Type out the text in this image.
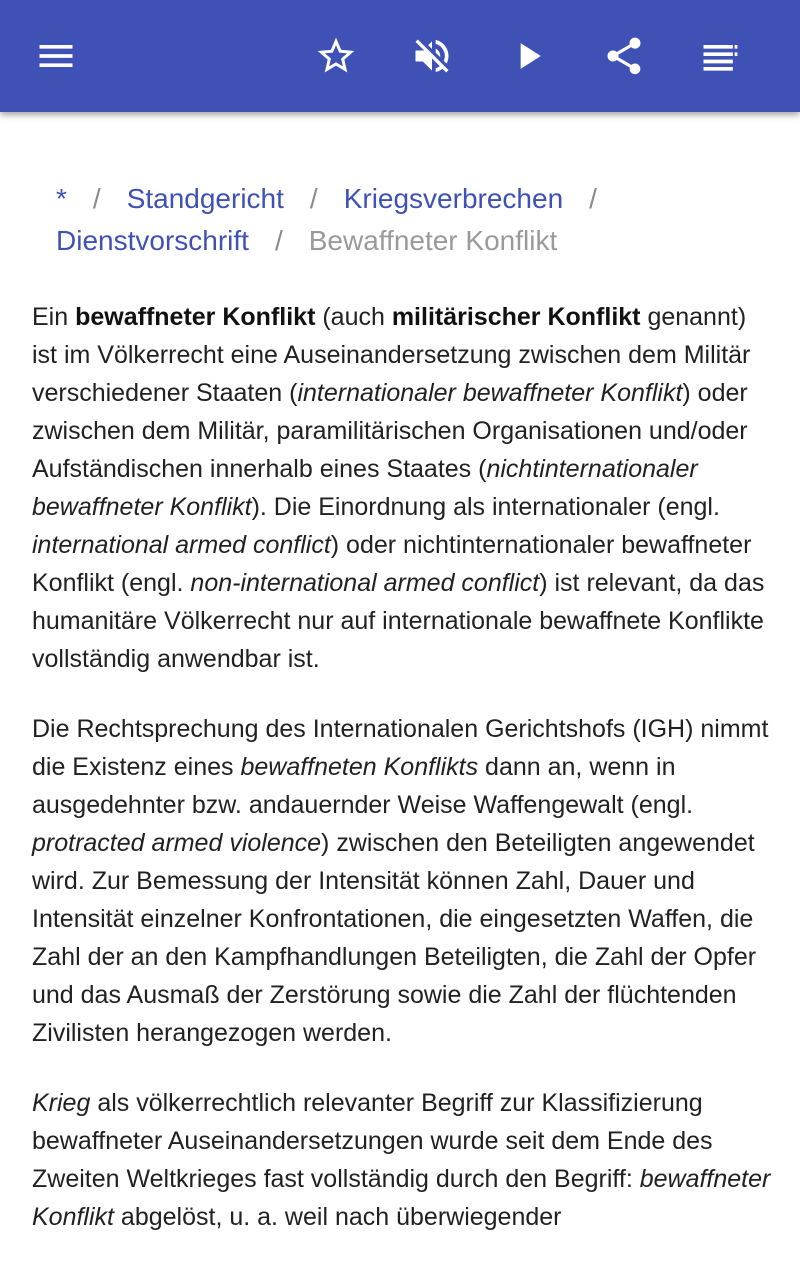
* / Standgericht / Kriegsverbrechen /
Dienstvorschrift / Bewaffneter Konflikt

Ein bewaffneter Konflikt (auch militärischer Konflikt genannt) ist im Völkerrecht eine Auseinandersetzung zwischen dem Militär verschiedener Staaten (internationaler bewaffneter Konflikt) oder zwischen dem Militär, paramilitärischen Organisationen und/oder Aufständischen innerhalb eines Staates (nichtinternationaler bewaffneter Konflikt). Die Einordnung als internationaler (engl. international armed conflict) oder nichtinternationaler bewaffneter Konflikt (engl. non-international armed conflict) ist relevant, da das humanitäre Völkerrecht nur auf internationale bewaffnete Konflikte vollständig anwendbar ist.

Die Rechtsprechung des Internationalen Gerichtshofs (IGH) nimmt die Existenz eines bewaffneten Konflikts dann an, wenn in ausgedehnter bzw. andauernder Weise Waffengewalt (engl. protracted armed violence) zwischen den Beteiligten angewendet wird. Zur Bemessung der Intensität können Zahl, Dauer und Intensität einzelner Konfrontationen, die eingesetzten Waffen, die Zahl der an den Kampfhandlungen Beteiligten, die Zahl der Opfer und das Ausmaß der Zerstörung sowie die Zahl der flüchtenden Zivilisten herangezogen werden.

Krieg als völkerrechtlich relevanter Begriff zur Klassifizierung bewaffneter Auseinandersetzungen wurde seit dem Ende des Zweiten Weltkrieges fast vollständig durch den Begriff: bewaffneter Konflikt abgelöst, u. a. weil nach überwiegender
